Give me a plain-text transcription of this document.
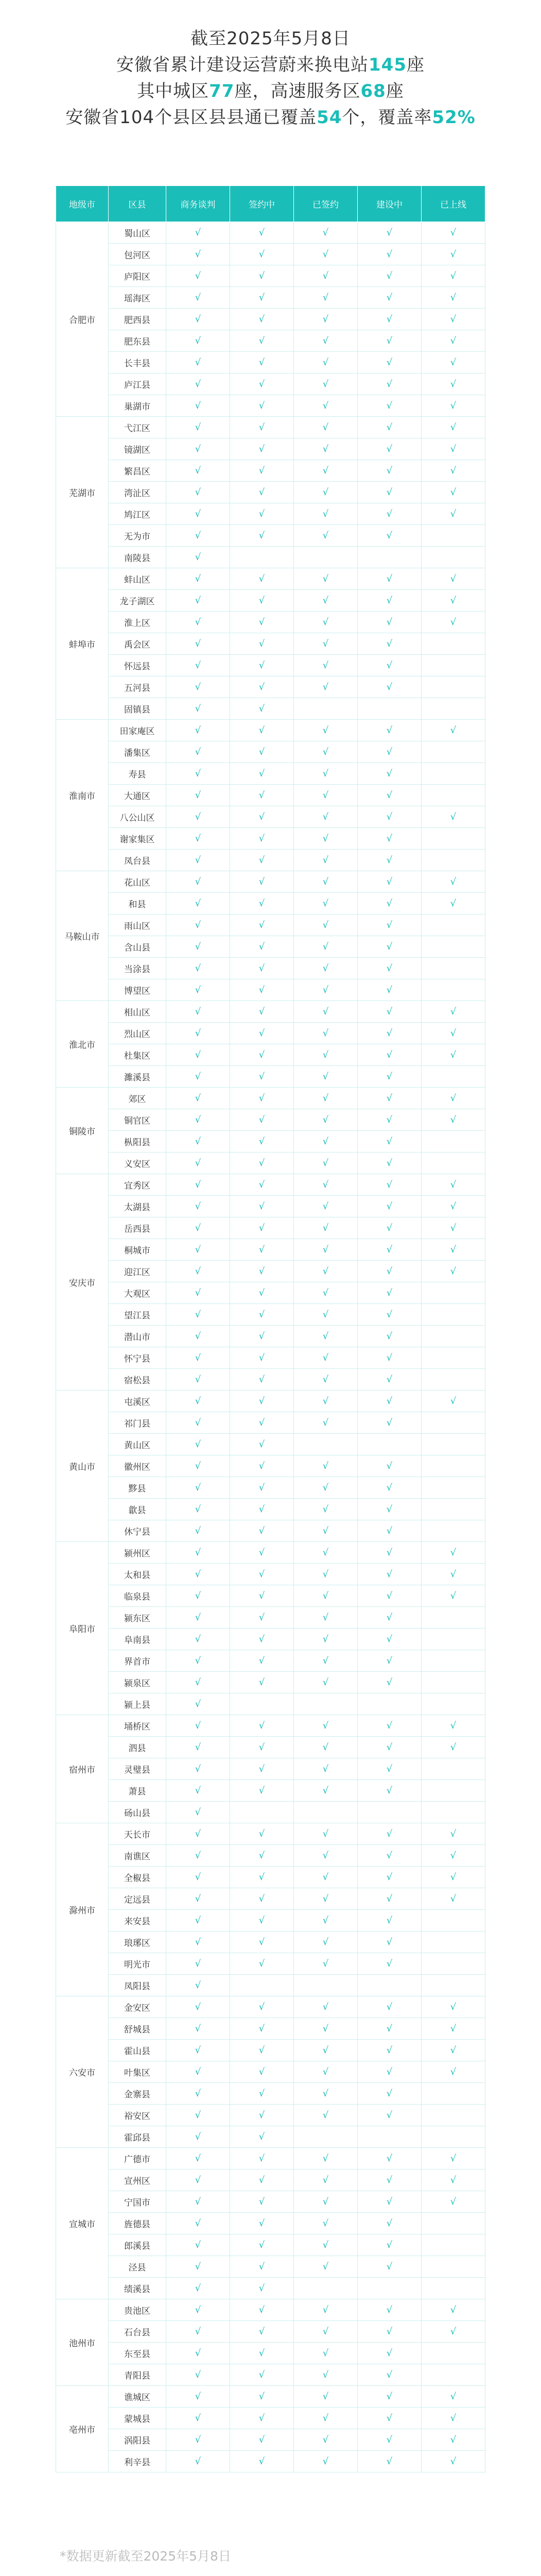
截至2025年5月8日
安徽省累计建设运营蔚来换电站145座
其中城区77座，高速服务区68座
安徽省104个县区县县通已覆盖54个，覆盖率52%
地级市	区县	商务谈判	签约中	已签约	建设中	已上线
合肥市	蜀山区	√	√	√	√	√
	包河区	√	√	√	√	√
	庐阳区	√	√	√	√	√
	瑶海区	√	√	√	√	√
	肥西县	√	√	√	√	√
	肥东县	√	√	√	√	√
	长丰县	√	√	√	√	√
	庐江县	√	√	√	√	√
	巢湖市	√	√	√	√	√
芜湖市	弋江区	√	√	√	√	√
	镜湖区	√	√	√	√	√
	繁昌区	√	√	√	√	√
	湾沚区	√	√	√	√	√
	鸠江区	√	√	√	√	√
	无为市	√	√	√	√	
	南陵县	√				
蚌埠市	蚌山区	√	√	√	√	√
	龙子湖区	√	√	√	√	√
	淮上区	√	√	√	√	√
	禹会区	√	√	√	√	
	怀远县	√	√	√	√	
	五河县	√	√	√	√	
	固镇县	√	√			
淮南市	田家庵区	√	√	√	√	√
	潘集区	√	√	√	√	
	寿县	√	√	√	√	
	大通区	√	√	√	√	
	八公山区	√	√	√	√	√
	谢家集区	√	√	√	√	
	凤台县	√	√	√	√	
马鞍山市	花山区	√	√	√	√	√
	和县	√	√	√	√	√
	雨山区	√	√	√	√	
	含山县	√	√	√	√	
	当涂县	√	√	√	√	
	博望区	√	√	√	√	
淮北市	相山区	√	√	√	√	√
	烈山区	√	√	√	√	√
	杜集区	√	√	√	√	√
	濉溪县	√	√	√	√	
铜陵市	郊区	√	√	√	√	√
	铜官区	√	√	√	√	√
	枞阳县	√	√	√	√	
	义安区	√	√	√	√	
安庆市	宜秀区	√	√	√	√	√
	太湖县	√	√	√	√	√
	岳西县	√	√	√	√	√
	桐城市	√	√	√	√	√
	迎江区	√	√	√	√	√
	大观区	√	√	√	√	
	望江县	√	√	√	√	
	潜山市	√	√	√	√	
	怀宁县	√	√	√	√	
	宿松县	√	√	√	√	
黄山市	屯溪区	√	√	√	√	√
	祁门县	√	√	√	√	
	黄山区	√	√			
	徽州区	√	√	√	√	
	黟县	√	√	√	√	
	歙县	√	√	√	√	
	休宁县	√	√	√	√	
阜阳市	颍州区	√	√	√	√	√
	太和县	√	√	√	√	√
	临泉县	√	√	√	√	√
	颍东区	√	√	√	√	
	阜南县	√	√	√	√	
	界首市	√	√	√	√	
	颍泉区	√	√	√	√	
	颍上县	√				
宿州市	埇桥区	√	√	√	√	√
	泗县	√	√	√	√	√
	灵璧县	√	√	√	√	
	萧县	√	√	√	√	
	砀山县	√				
滁州市	天长市	√	√	√	√	√
	南谯区	√	√	√	√	√
	全椒县	√	√	√	√	√
	定远县	√	√	√	√	√
	来安县	√	√	√	√	
	琅琊区	√	√	√	√	
	明光市	√	√	√	√	
	凤阳县	√				
六安市	金安区	√	√	√	√	√
	舒城县	√	√	√	√	√
	霍山县	√	√	√	√	√
	叶集区	√	√	√	√	√
	金寨县	√	√	√	√	
	裕安区	√	√	√	√	
	霍邱县	√	√			
宣城市	广德市	√	√	√	√	√
	宣州区	√	√	√	√	√
	宁国市	√	√	√	√	√
	旌德县	√	√	√	√	
	郎溪县	√	√	√	√	
	泾县	√	√	√	√	
	绩溪县	√	√			
池州市	贵池区	√	√	√	√	√
	石台县	√	√	√	√	√
	东至县	√	√	√	√	
	青阳县	√	√	√	√	
亳州市	谯城区	√	√	√	√	√
	蒙城县	√	√	√	√	√
	涡阳县	√	√	√	√	√
	利辛县	√	√	√	√	√
*数据更新截至2025年5月8日
